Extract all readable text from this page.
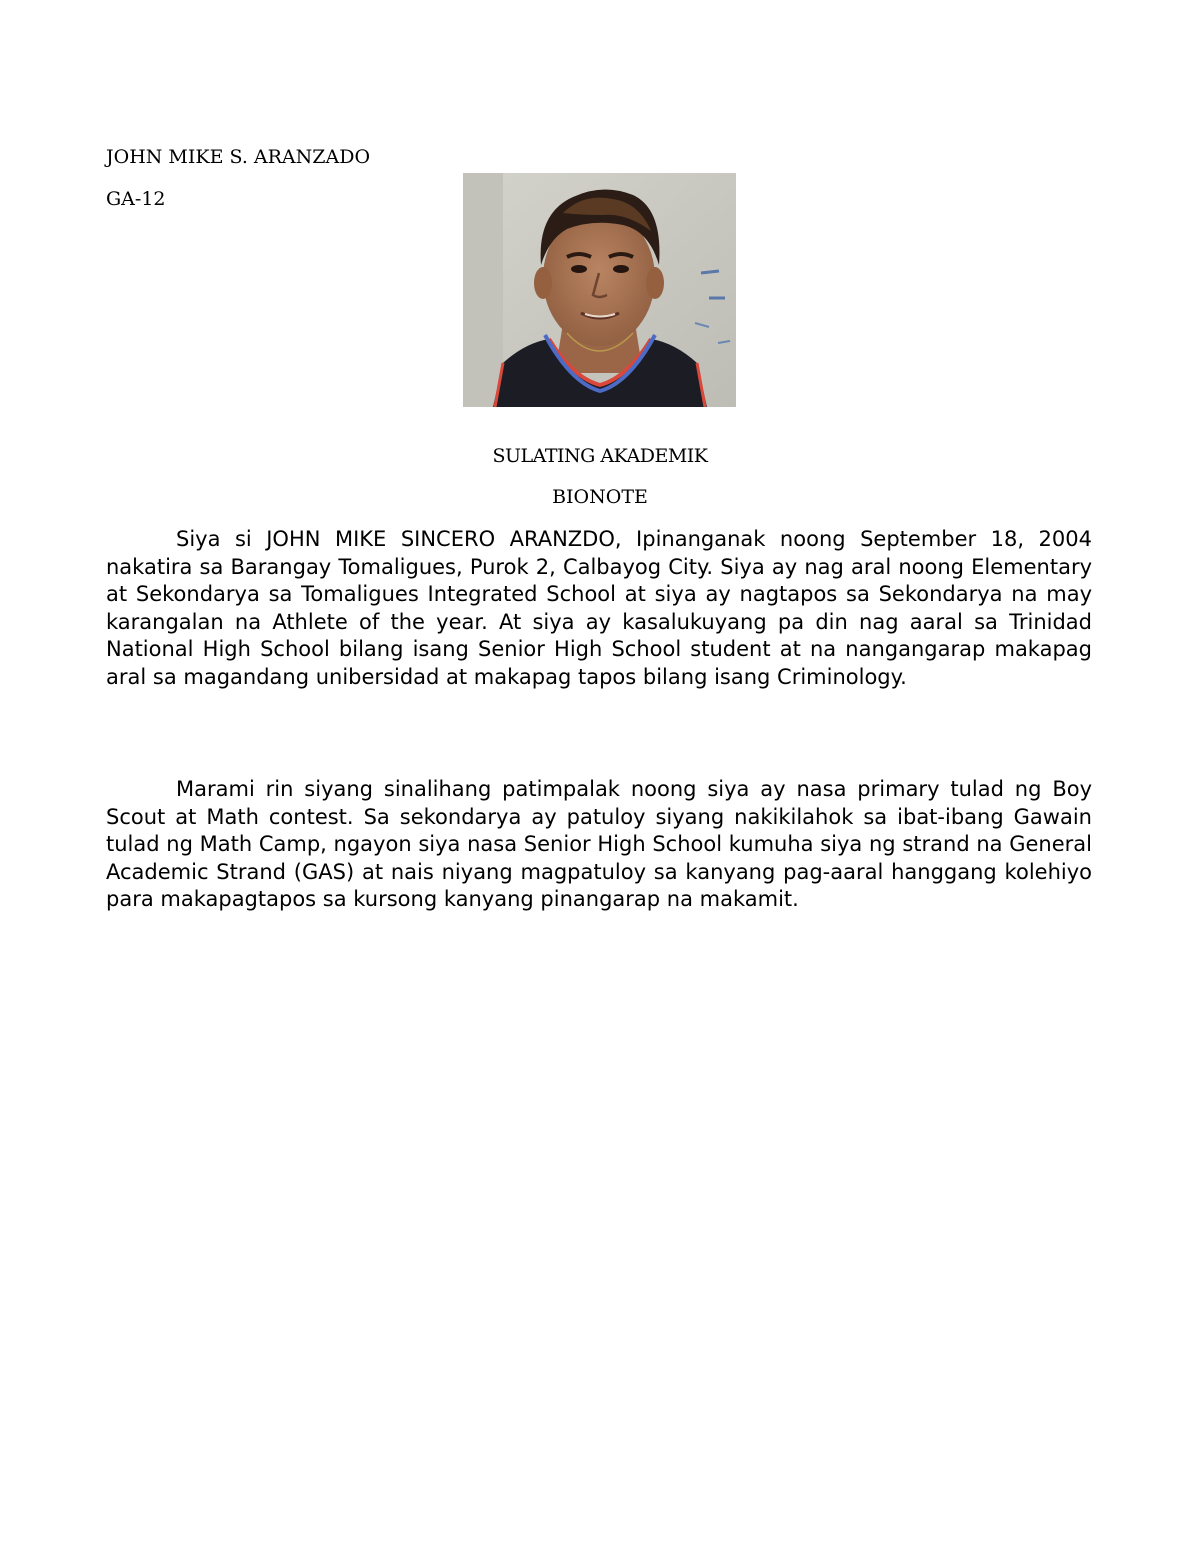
JOHN MIKE S. ARANZADO
GA-12
SULATING AKADEMIK
BIONOTE

Siya si JOHN MIKE SINCERO ARANZDO, Ipinanganak noong September 18, 2004 nakatira sa Barangay Tomaligues, Purok 2, Calbayog City. Siya ay nag aral noong Elementary at Sekondarya sa Tomaligues Integrated School at siya ay nagtapos sa Sekondarya na may karangalan na Athlete of the year. At siya ay kasalukuyang pa din nag aaral sa Trinidad National High School bilang isang Senior High School student at na nangangarap makapag aral sa magandang unibersidad at makapag tapos bilang isang Criminology.

Marami rin siyang sinalihang patimpalak noong siya ay nasa primary tulad ng Boy Scout at Math contest. Sa sekondarya ay patuloy siyang nakikilahok sa ibat-ibang Gawain tulad ng Math Camp, ngayon siya nasa Senior High School kumuha siya ng strand na General Academic Strand (GAS) at nais niyang magpatuloy sa kanyang pag-aaral hanggang kolehiyo para makapagtapos sa kursong kanyang pinangarap na makamit.
